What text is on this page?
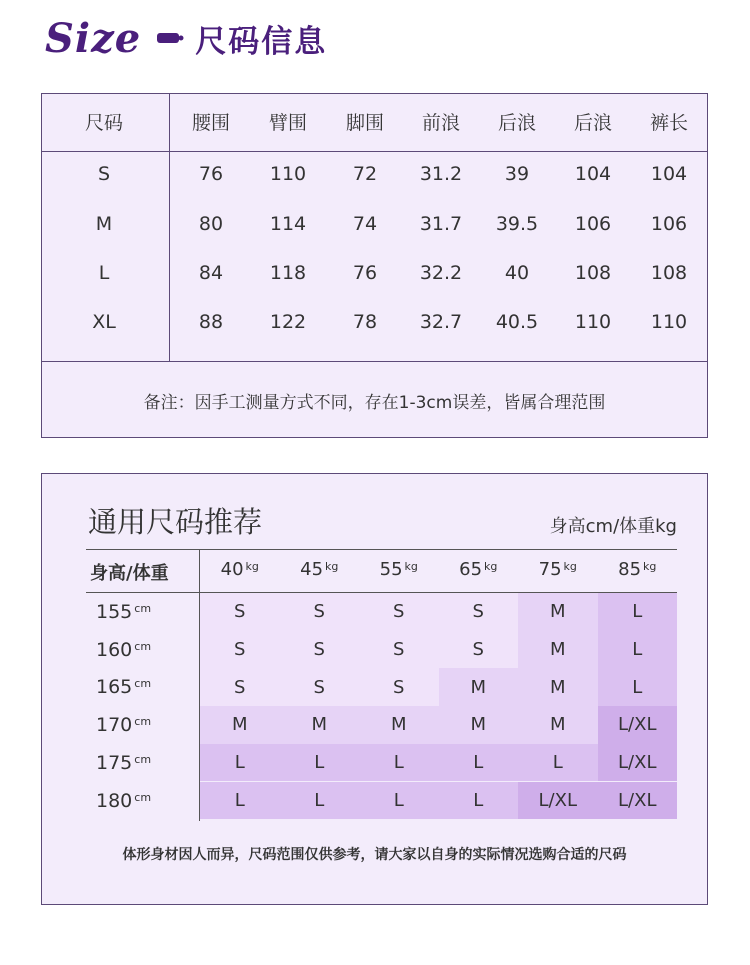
Size 尺码信息
尺码	腰围 臂围 脚围 前浪 后浪 后浪 裤长
S	76 110 72 31.2 39 104 104
M	80 114 74 31.7 39.5 106 106
L	84 118 76 32.2 40 108 108
XL	88 122 78 32.7 40.5 110 110
备注：因手工测量方式不同，存在1-3cm误差，皆属合理范围
通用尺码推荐	身高cm/体重kg
身高/体重	40 $^{kg}$ 45 $^{kg}$ 55 $^{kg}$ 65 $^{kg}$ 75 $^{kg}$ 85 $^{kg}$
155 $^{cm}$	S	S	S	S	M	L
160 $^{cm}$	S	S	S	S	M	L
165 $^{cm}$	S	S	S	M	M	L
170 $^{cm}$	M	M	M	M	M	L/XL
175 $^{cm}$	L	L	L	L	L	L/XL
180 $^{cm}$	L	L	L	L	L/XL	L/XL
体形身材因人而异，尺码范围仅供参考，请大家以自身的实际情况选购合适的尺码
